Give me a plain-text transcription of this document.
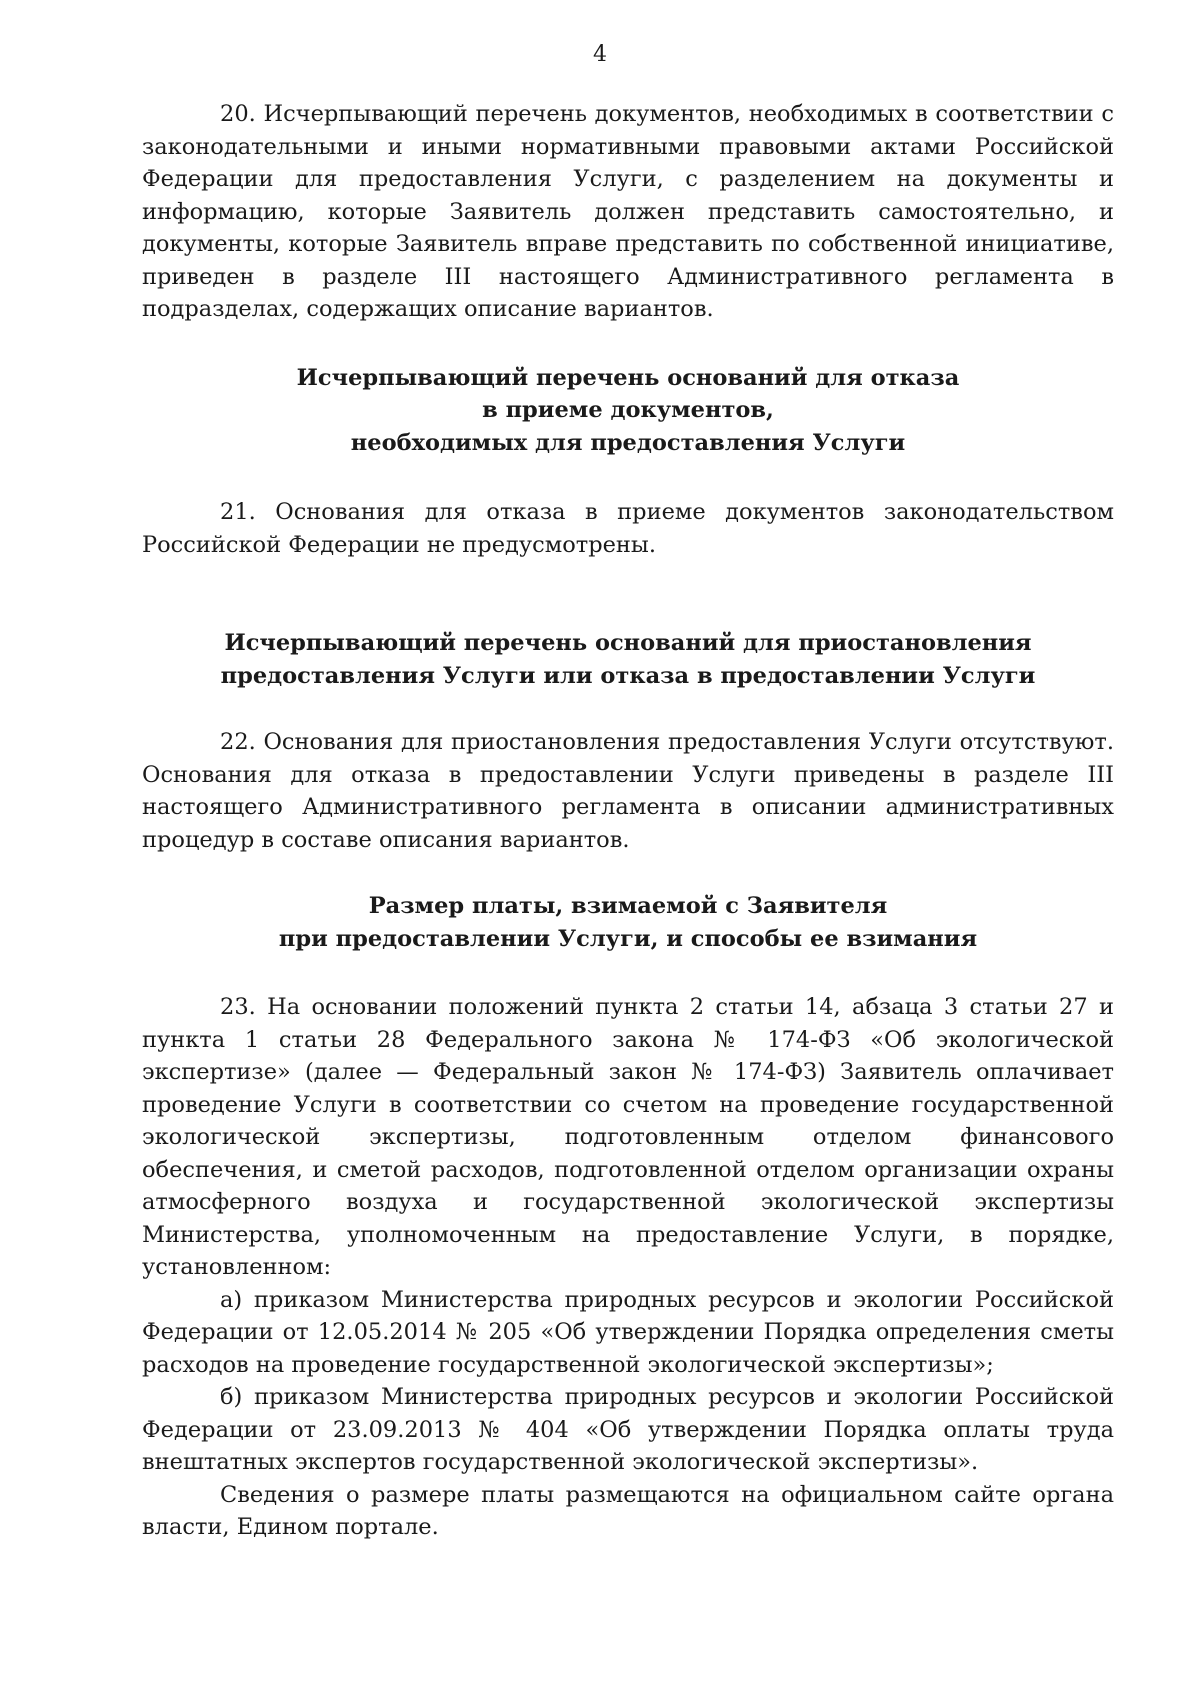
4

20. Исчерпывающий перечень документов, необходимых в соответствии с законодательными и иными нормативными правовыми актами Российской Федерации для предоставления Услуги, с разделением на документы и информацию, которые Заявитель должен представить самостоятельно, и документы, которые Заявитель вправе представить по собственной инициативе, приведен в разделе III настоящего Административного регламента в подразделах, содержащих описание вариантов.

Исчерпывающий перечень оснований для отказа

в приеме документов,

необходимых для предоставления Услуги

21. Основания для отказа в приеме документов законодательством Российской Федерации не предусмотрены.

Исчерпывающий перечень оснований для приостановления

предоставления Услуги или отказа в предоставлении Услуги

22. Основания для приостановления предоставления Услуги отсутствуют. Основания для отказа в предоставлении Услуги приведены в разделе III настоящего Административного регламента в описании административных процедур в составе описания вариантов.

Размер платы, взимаемой с Заявителя

при предоставлении Услуги, и способы ее взимания

23. На основании положений пункта 2 статьи 14, абзаца 3 статьи 27 и пункта 1 статьи 28 Федерального закона № 174-ФЗ «Об экологической экспертизе» (далее — Федеральный закон № 174-ФЗ) Заявитель оплачивает проведение Услуги в соответствии со счетом на проведение государственной экологической экспертизы, подготовленным отделом финансового обеспечения, и сметой расходов, подготовленной отделом организации охраны атмосферного воздуха и государственной экологической экспертизы Министерства, уполномоченным на предоставление Услуги, в порядке, установленном:

а) приказом Министерства природных ресурсов и экологии Российской Федерации от 12.05.2014 № 205 «Об утверждении Порядка определения сметы расходов на проведение государственной экологической экспертизы»;

б) приказом Министерства природных ресурсов и экологии Российской Федерации от 23.09.2013 № 404 «Об утверждении Порядка оплаты труда внештатных экспертов государственной экологической экспертизы».

Сведения о размере платы размещаются на официальном сайте органа власти, Едином портале.
